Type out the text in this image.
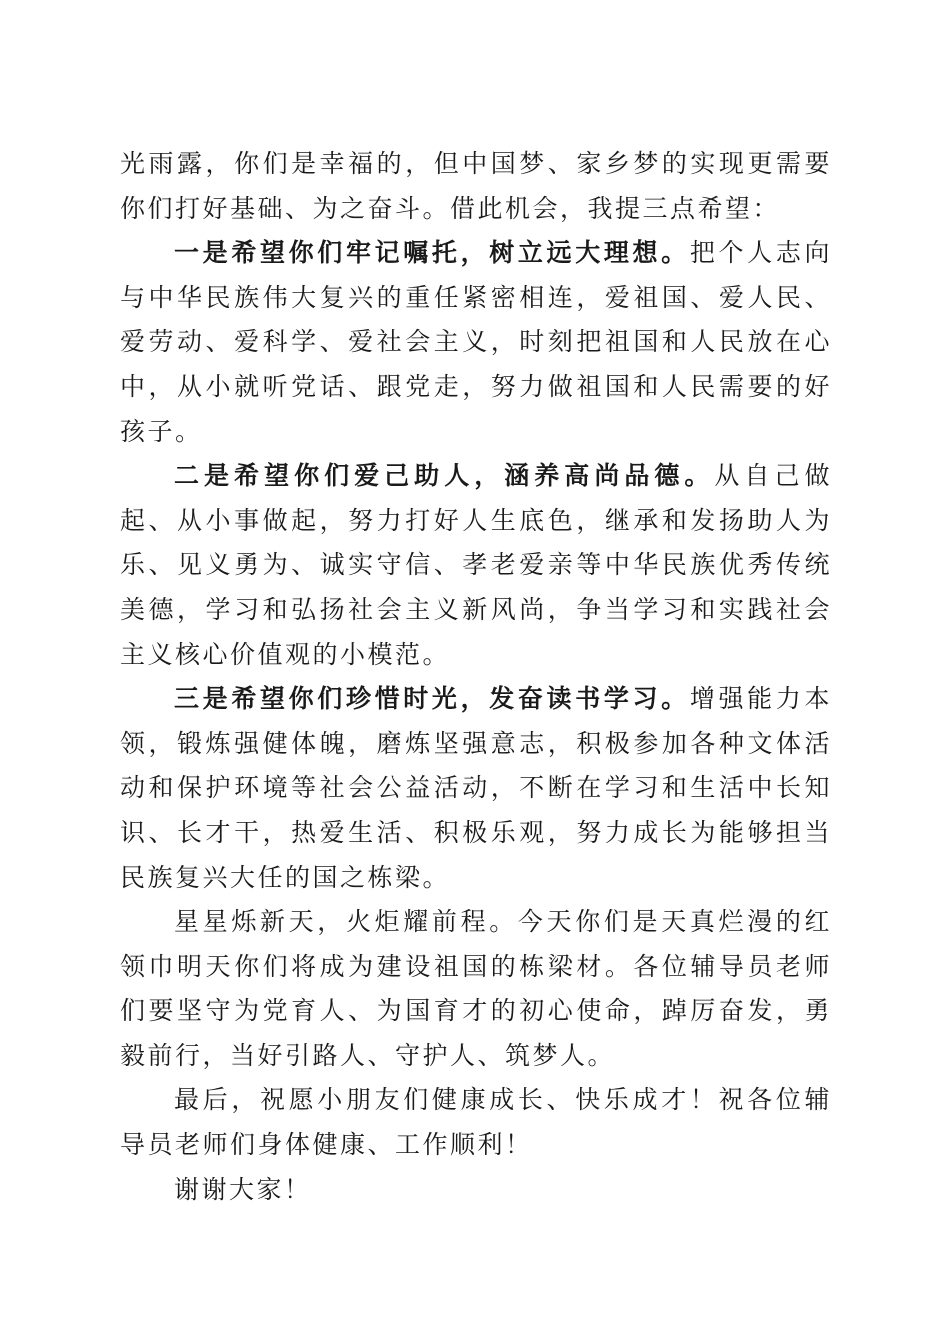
光雨露，你们是幸福的，但中国梦、家乡梦的实现更需要你们打好基础、为之奋斗。借此机会，我提三点希望：

一是希望你们牢记嘱托，树立远大理想。把个人志向与中华民族伟大复兴的重任紧密相连，爱祖国、爱人民、爱劳动、爱科学、爱社会主义，时刻把祖国和人民放在心中，从小就听党话、跟党走，努力做祖国和人民需要的好孩子。

二是希望你们爱己助人，涵养高尚品德。从自己做起、从小事做起，努力打好人生底色，继承和发扬助人为乐、见义勇为、诚实守信、孝老爱亲等中华民族优秀传统美德，学习和弘扬社会主义新风尚，争当学习和实践社会主义核心价值观的小模范。

三是希望你们珍惜时光，发奋读书学习。增强能力本领，锻炼强健体魄，磨炼坚强意志，积极参加各种文体活动和保护环境等社会公益活动，不断在学习和生活中长知识、长才干，热爱生活、积极乐观，努力成长为能够担当民族复兴大任的国之栋梁。

星星烁新天，火炬耀前程。今天你们是天真烂漫的红领巾明天你们将成为建设祖国的栋梁材。各位辅导员老师们要坚守为党育人、为国育才的初心使命，踔厉奋发，勇毅前行，当好引路人、守护人、筑梦人。

最后，祝愿小朋友们健康成长、快乐成才！祝各位辅导员老师们身体健康、工作顺利！

谢谢大家！
